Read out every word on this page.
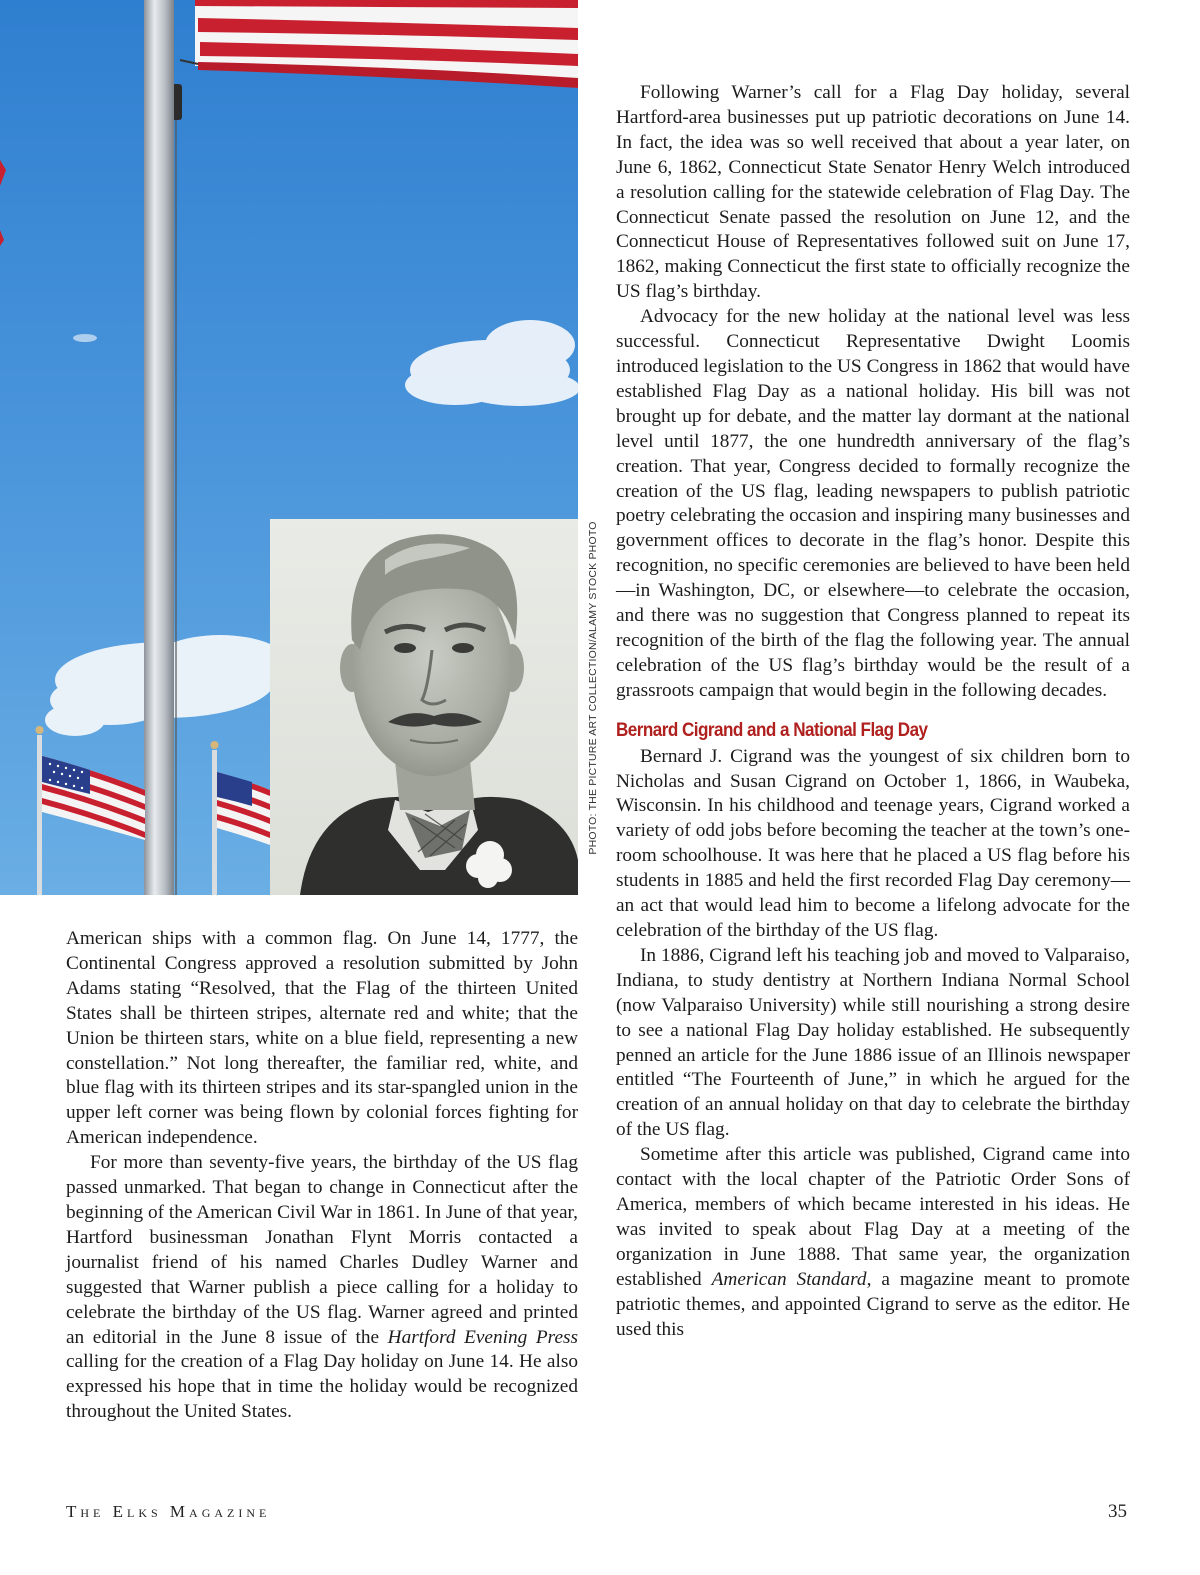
PHOTO: THE PICTURE ART COLLECTION/ALAMY STOCK PHOTO

Following Warner’s call for a Flag Day holiday, several Hartford-area businesses put up patriotic decorations on June 14. In fact, the idea was so well received that about a year later, on June 6, 1862, Connecticut State Senator Henry Welch introduced a resolution calling for the statewide celebration of Flag Day. The Connecticut Senate passed the resolution on June 12, and the Connecticut House of Representatives followed suit on June 17, 1862, making Connecticut the first state to officially recognize the US flag’s birthday.

Advocacy for the new holiday at the national level was less successful. Connecticut Representative Dwight Loomis introduced legislation to the US Congress in 1862 that would have established Flag Day as a national holiday. His bill was not brought up for debate, and the matter lay dormant at the national level until 1877, the one hundredth anniversary of the flag’s creation. That year, Congress decided to formally recognize the creation of the US flag, leading newspapers to publish patriotic poetry celebrating the occasion and inspiring many businesses and government offices to decorate in the flag’s honor. Despite this recognition, no specific ceremonies are believed to have been held—in Washington, DC, or elsewhere—to celebrate the occasion, and there was no suggestion that Congress planned to repeat its recognition of the birth of the flag the following year. The annual celebration of the US flag’s birthday would be the result of a grassroots campaign that would begin in the following decades.

Bernard Cigrand and a National Flag Day

Bernard J. Cigrand was the youngest of six children born to Nicholas and Susan Cigrand on October 1, 1866, in Waubeka, Wisconsin. In his childhood and teenage years, Cigrand worked a variety of odd jobs before becoming the teacher at the town’s one-room schoolhouse. It was here that he placed a US flag before his students in 1885 and held the first recorded Flag Day ceremony—an act that would lead him to become a lifelong advocate for the celebration of the birthday of the US flag.

In 1886, Cigrand left his teaching job and moved to Valparaiso, Indiana, to study dentistry at Northern Indiana Normal School (now Valparaiso University) while still nourishing a strong desire to see a national Flag Day holiday established. He subsequently penned an article for the June 1886 issue of an Illinois newspaper entitled “The Fourteenth of June,” in which he argued for the creation of an annual holiday on that day to celebrate the birthday of the US flag.

Sometime after this article was published, Cigrand came into contact with the local chapter of the Patriotic Order Sons of America, members of which became interested in his ideas. He was invited to speak about Flag Day at a meeting of the organization in June 1888. That same year, the organization established American Standard, a magazine meant to promote patriotic themes, and appointed Cigrand to serve as the editor. He used this

American ships with a common flag. On June 14, 1777, the Continental Congress approved a resolution submitted by John Adams stating “Resolved, that the Flag of the thirteen United States shall be thirteen stripes, alternate red and white; that the Union be thirteen stars, white on a blue field, representing a new constellation.” Not long thereafter, the familiar red, white, and blue flag with its thirteen stripes and its star-spangled union in the upper left corner was being flown by colonial forces fighting for American independence.

For more than seventy-five years, the birthday of the US flag passed unmarked. That began to change in Connecticut after the beginning of the American Civil War in 1861. In June of that year, Hartford businessman Jonathan Flynt Morris contacted a journalist friend of his named Charles Dudley Warner and suggested that Warner publish a piece calling for a holiday to celebrate the birthday of the US flag. Warner agreed and printed an editorial in the June 8 issue of the Hartford Evening Press calling for the creation of a Flag Day holiday on June 14. He also expressed his hope that in time the holiday would be recognized throughout the United States.

The Elks Magazine	35
